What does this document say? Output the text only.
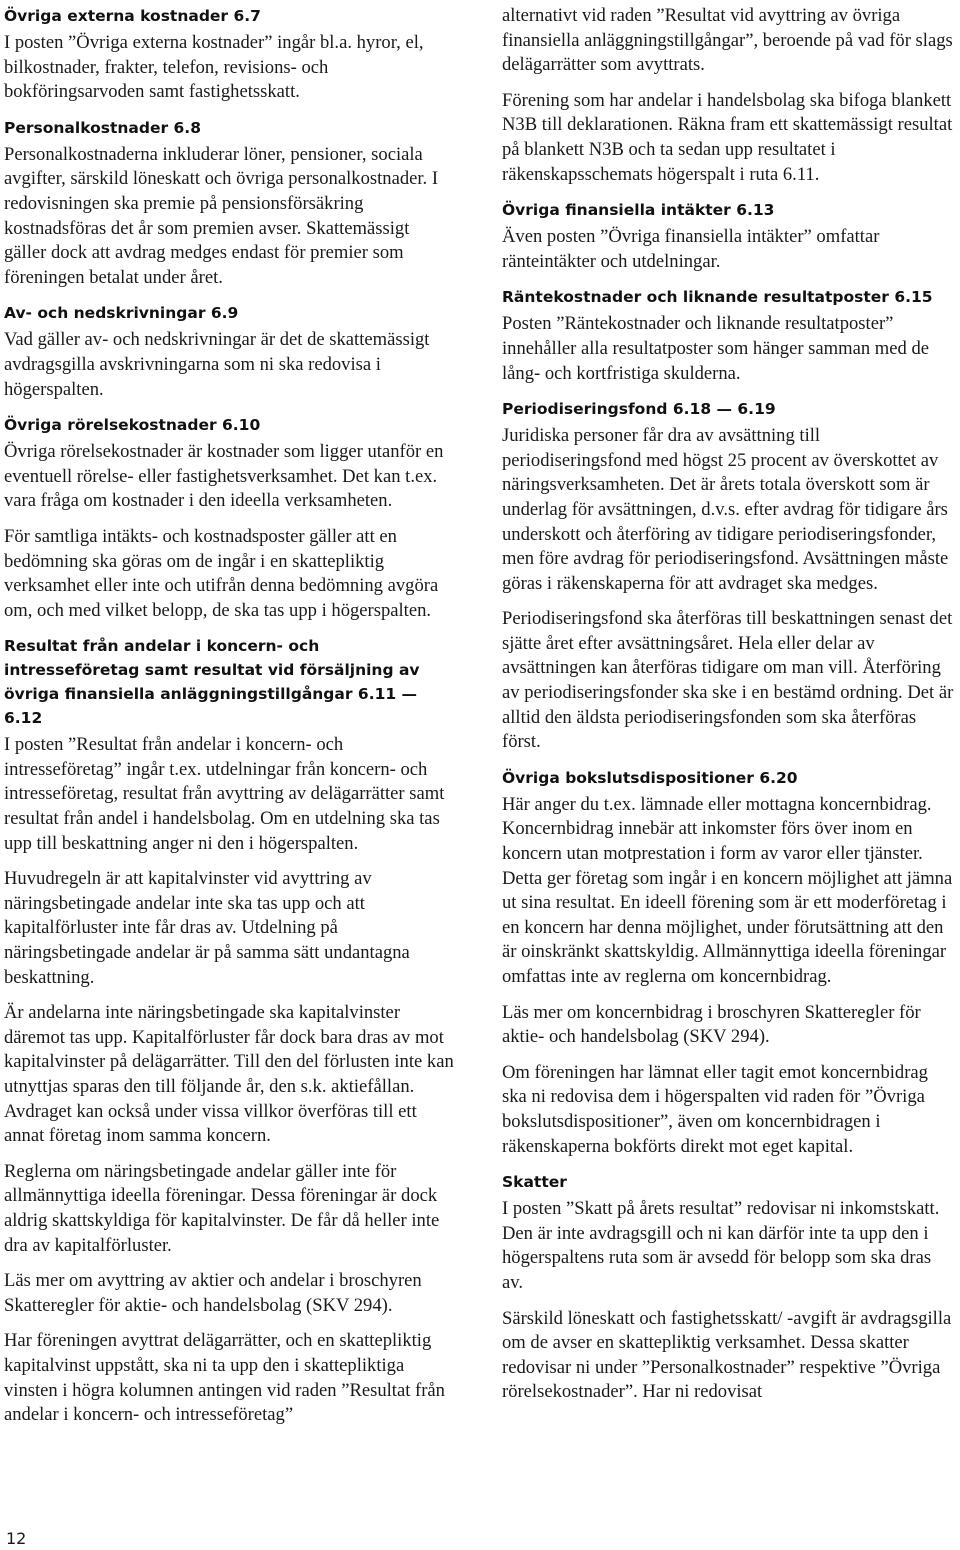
Övriga externa kostnader 6.7

I posten ”Övriga externa kostnader” ingår bl.a. hyror, el, bilkostnader, frakter, telefon, revisions- och bokföringsarvoden samt fastighetsskatt.

Personalkostnader 6.8

Personalkostnaderna inkluderar löner, pensioner, sociala avgifter, särskild löneskatt och övriga personalkostnader. I redovisningen ska premie på pensionsförsäkring kostnadsföras det år som premien avser. Skattemässigt gäller dock att avdrag medges endast för premier som föreningen betalat under året.

Av- och nedskrivningar 6.9

Vad gäller av- och nedskrivningar är det de skattemässigt avdragsgilla avskrivningarna som ni ska redovisa i högerspalten.

Övriga rörelsekostnader 6.10

Övriga rörelsekostnader är kostnader som ligger utanför en eventuell rörelse- eller fastighetsverksamhet. Det kan t.ex. vara fråga om kostnader i den ideella verksamheten.

För samtliga intäkts- och kostnadsposter gäller att en bedömning ska göras om de ingår i en skattepliktig verksamhet eller inte och utifrån denna bedömning avgöra om, och med vilket belopp, de ska tas upp i högerspalten.

Resultat från andelar i koncern- och intresseföretag samt resultat vid försäljning av övriga finansiella anläggningstillgångar 6.11 — 6.12

I posten ”Resultat från andelar i koncern- och intresseföretag” ingår t.ex. utdelningar från koncern- och intresseföretag, resultat från avyttring av delägarrätter samt resultat från andel i handelsbolag. Om en utdelning ska tas upp till beskattning anger ni den i högerspalten.

Huvudregeln är att kapitalvinster vid avyttring av näringsbetingade andelar inte ska tas upp och att kapitalförluster inte får dras av. Utdelning på näringsbetingade andelar är på samma sätt undantagna beskattning.

Är andelarna inte näringsbetingade ska kapitalvinster däremot tas upp. Kapitalförluster får dock bara dras av mot kapitalvinster på delägarrätter. Till den del förlusten inte kan utnyttjas sparas den till följande år, den s.k. aktiefållan. Avdraget kan också under vissa villkor överföras till ett annat företag inom samma koncern.

Reglerna om näringsbetingade andelar gäller inte för allmännyttiga ideella föreningar. Dessa föreningar är dock aldrig skattskyldiga för kapitalvinster. De får då heller inte dra av kapitalförluster.

Läs mer om avyttring av aktier och andelar i broschyren Skatteregler för aktie- och handelsbolag (SKV 294).

Har föreningen avyttrat delägarrätter, och en skattepliktig kapitalvinst uppstått, ska ni ta upp den i skattepliktiga vinsten i högra kolumnen antingen vid raden ”Resultat från andelar i koncern- och intresseföretag”

alternativt vid raden ”Resultat vid avyttring av övriga finansiella anläggningstillgångar”, beroende på vad för slags delägarrätter som avyttrats.

Förening som har andelar i handelsbolag ska bifoga blankett N3B till deklarationen. Räkna fram ett skattemässigt resultat på blankett N3B och ta sedan upp resultatet i räkenskapsschemats högerspalt i ruta 6.11.

Övriga finansiella intäkter 6.13

Även posten ”Övriga finansiella intäkter” omfattar ränteintäkter och utdelningar.

Räntekostnader och liknande resultatposter 6.15

Posten ”Räntekostnader och liknande resultatposter” innehåller alla resultatposter som hänger samman med de lång- och kortfristiga skulderna.

Periodiseringsfond 6.18 — 6.19

Juridiska personer får dra av avsättning till periodiseringsfond med högst 25 procent av överskottet av näringsverksamheten. Det är årets totala överskott som är underlag för avsättningen, d.v.s. efter avdrag för tidigare års underskott och återföring av tidigare periodiseringsfonder, men före avdrag för periodiseringsfond. Avsättningen måste göras i räkenskaperna för att avdraget ska medges.

Periodiseringsfond ska återföras till beskattningen senast det sjätte året efter avsättningsåret. Hela eller delar av avsättningen kan återföras tidigare om man vill. Återföring av periodiseringsfonder ska ske i en bestämd ordning. Det är alltid den äldsta periodiseringsfonden som ska återföras först.

Övriga bokslutsdispositioner 6.20

Här anger du t.ex. lämnade eller mottagna koncernbidrag. Koncernbidrag innebär att inkomster förs över inom en koncern utan motprestation i form av varor eller tjänster. Detta ger företag som ingår i en koncern möjlighet att jämna ut sina resultat. En ideell förening som är ett moderföretag i en koncern har denna möjlighet, under förutsättning att den är oinskränkt skattskyldig. Allmännyttiga ideella föreningar omfattas inte av reglerna om koncernbidrag.

Läs mer om koncernbidrag i broschyren Skatteregler för aktie- och handelsbolag (SKV 294).

Om föreningen har lämnat eller tagit emot koncernbidrag ska ni redovisa dem i högerspalten vid raden för ”Övriga bokslutsdispositioner”, även om koncernbidragen i räkenskaperna bokförts direkt mot eget kapital.

Skatter

I posten ”Skatt på årets resultat” redovisar ni inkomstskatt. Den är inte avdragsgill och ni kan därför inte ta upp den i högerspaltens ruta som är avsedd för belopp som ska dras av.

Särskild löneskatt och fastighetsskatt/ -avgift är avdragsgilla om de avser en skattepliktig verksamhet. Dessa skatter redovisar ni under ”Personalkostnader” respektive ”Övriga rörelsekostnader”. Har ni redovisat

12
